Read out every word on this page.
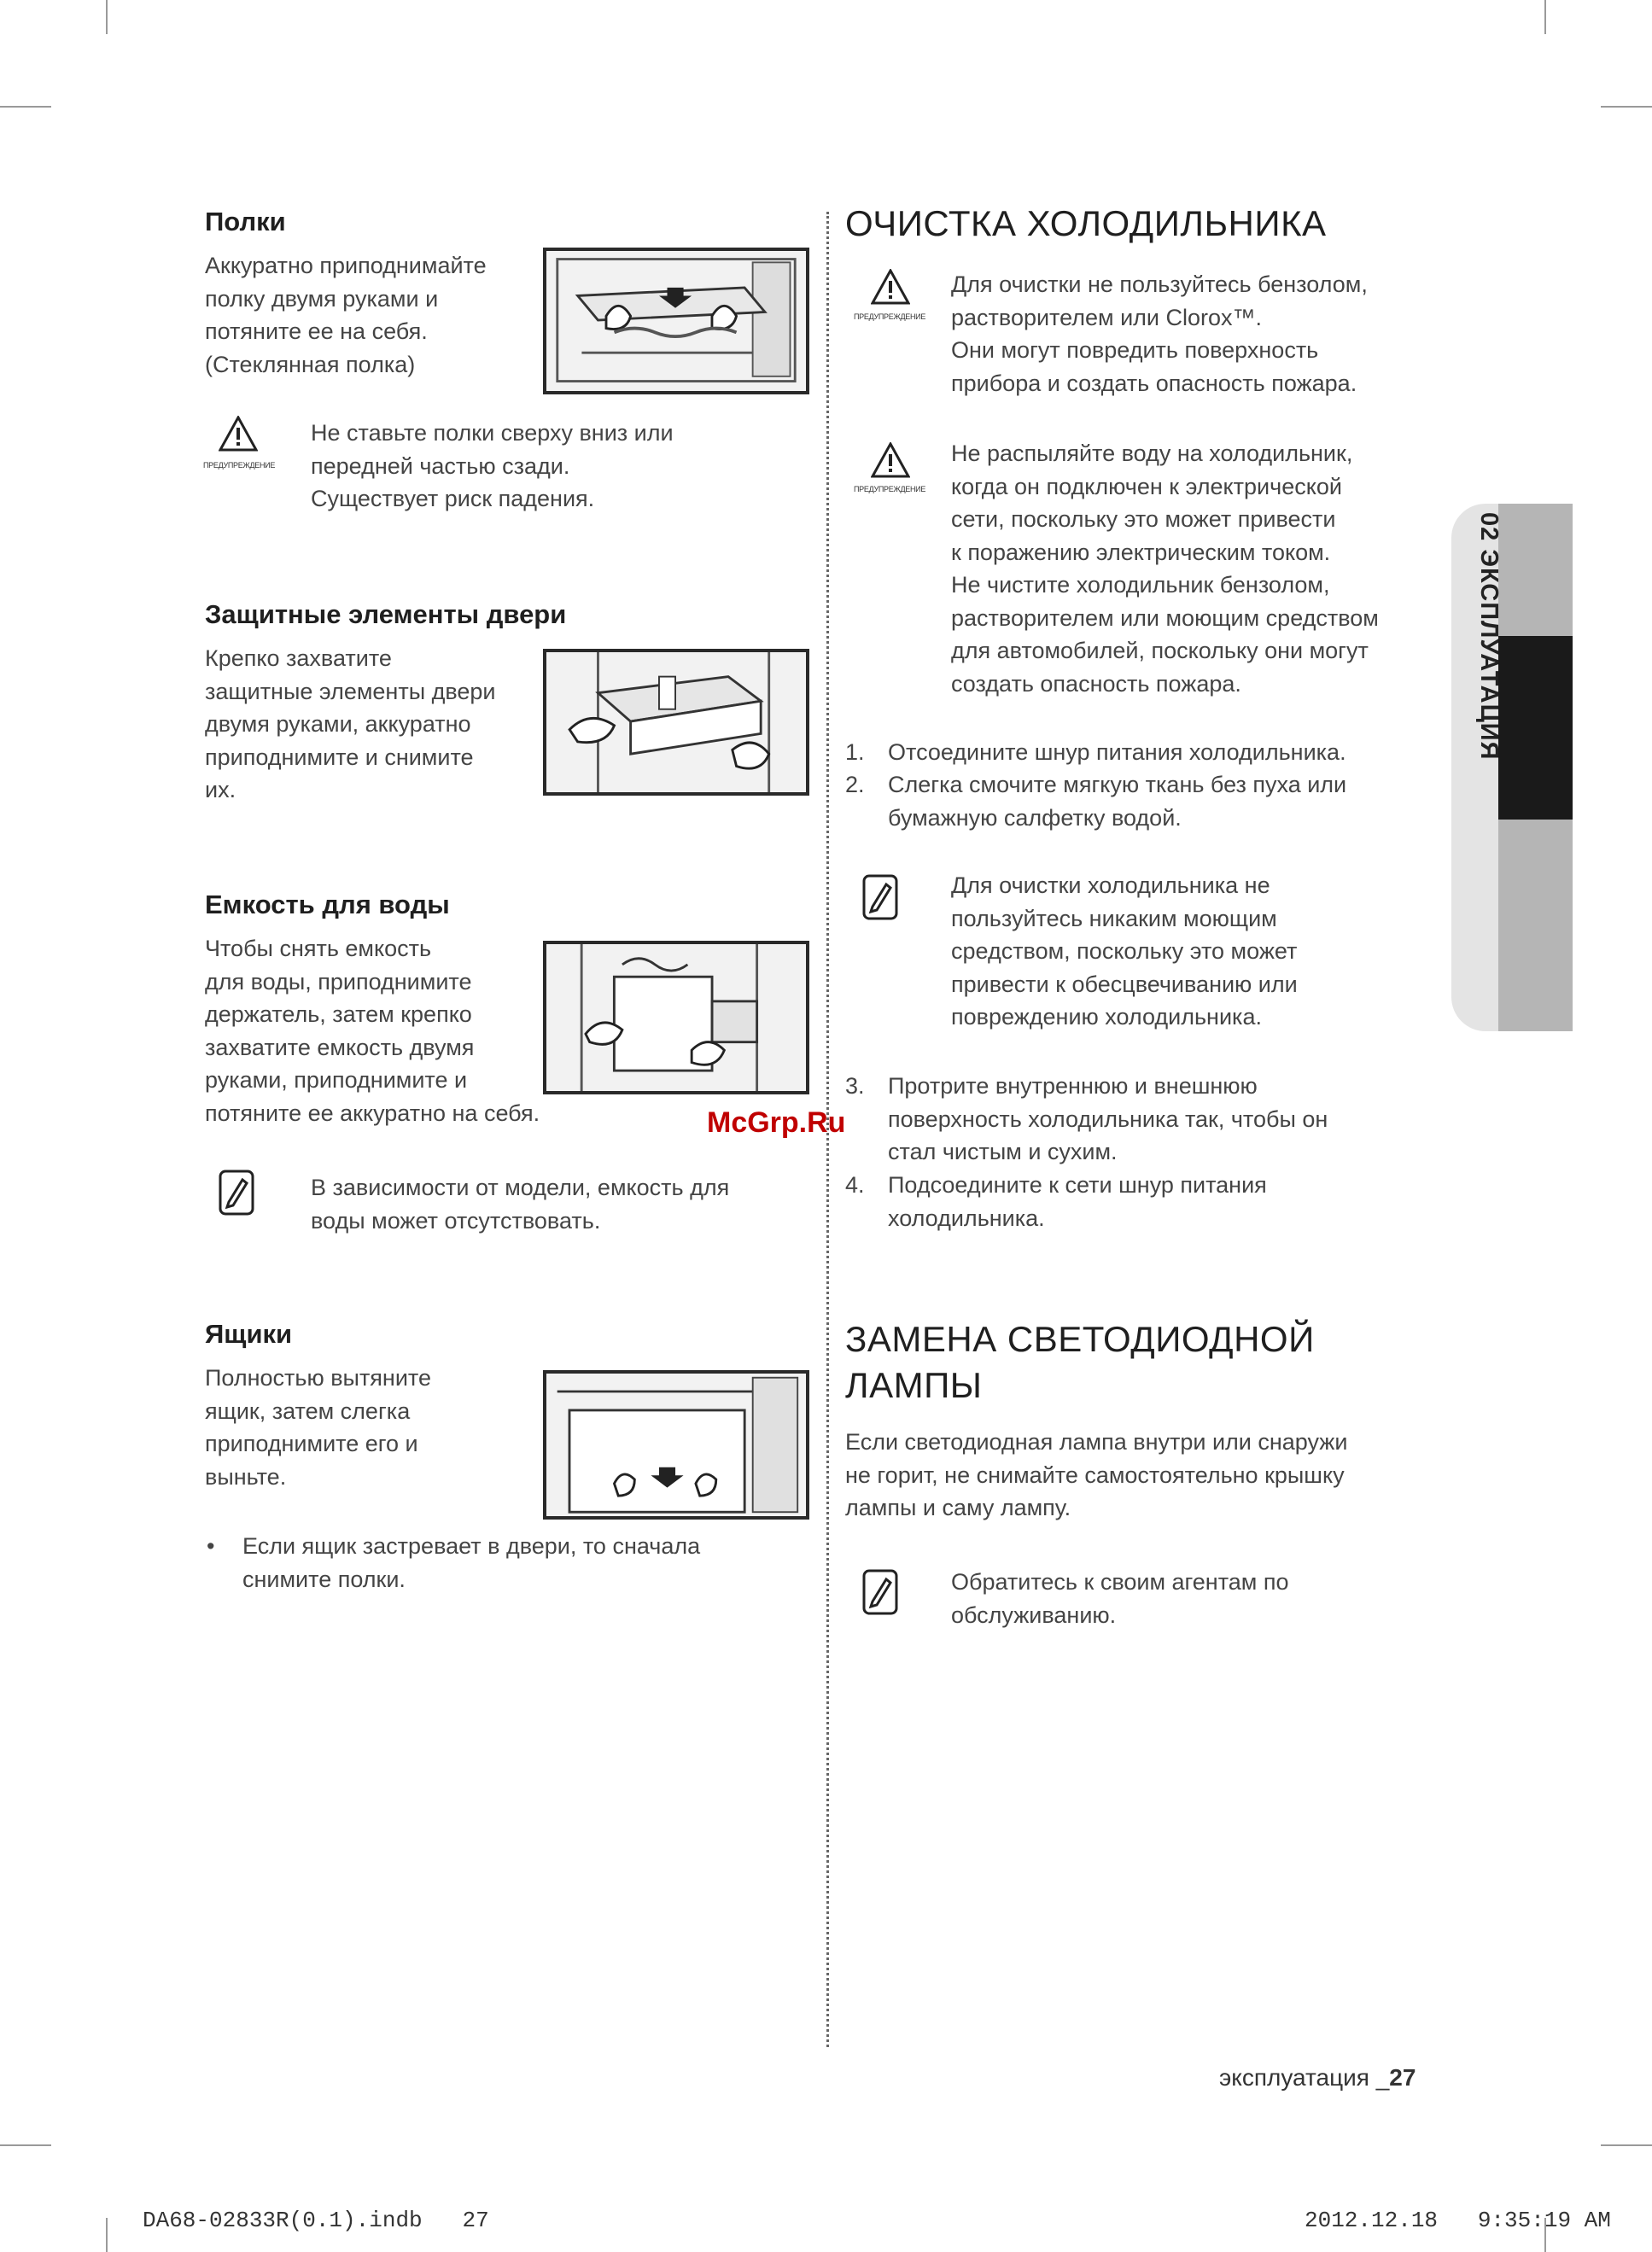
Полки
Аккуратно приподнимайте
полку двумя руками и
потяните ее на себя.
(Стеклянная полка)
ПРЕДУПРЕЖДЕНИЕ
Не ставьте полки сверху вниз или
передней частью сзади.
Существует риск падения.
Защитные элементы двери
Крепко захватите
защитные элементы двери
двумя руками, аккуратно
приподнимите и снимите
их.
Емкость для воды
Чтобы снять емкость
для воды, приподнимите
держатель, затем крепко
захватите емкость двумя
руками, приподнимите и
потяните ее аккуратно на себя.
В зависимости от модели, емкость для
воды может отсутствовать.
Ящики
Полностью вытяните
ящик, затем слегка
приподнимите его и
выньте.
• Если ящик застревает в двери, то сначала
снимите полки.
ОЧИСТКА ХОЛОДИЛЬНИКА
ПРЕДУПРЕЖДЕНИЕ
Для очистки не пользуйтесь бензолом,
растворителем или Clorox™.
Они могут повредить поверхность
прибора и создать опасность пожара.
ПРЕДУПРЕЖДЕНИЕ
Не распыляйте воду на холодильник,
когда он подключен к электрической
сети, поскольку это может привести
к поражению электрическим током.
Не чистите холодильник бензолом,
растворителем или моющим средством
для автомобилей, поскольку они могут
создать опасность пожара.
1.	Отсоедините шнур питания холодильника.
2.	Слегка смочите мягкую ткань без пуха или
бумажную салфетку водой.
Для очистки холодильника не
пользуйтесь никаким моющим
средством, поскольку это может
привести к обесцвечиванию или
повреждению холодильника.
3.	Протрите внутреннюю и внешнюю
поверхность холодильника так, чтобы он
стал чистым и сухим.
4.	Подсоедините к сети шнур питания
холодильника.
ЗАМЕНА СВЕТОДИОДНОЙ
ЛАМПЫ
Если светодиодная лампа внутри или снаружи
не горит, не снимайте самостоятельно крышку
лампы и саму лампу.
Обратитесь к своим агентам по
обслуживанию.
02 ЭКСПЛУАТАЦИЯ
McGrp.Ru
эксплуатация _27
DA68-02833R(0.1).indb   27	2012.12.18   9:35:19 AM
